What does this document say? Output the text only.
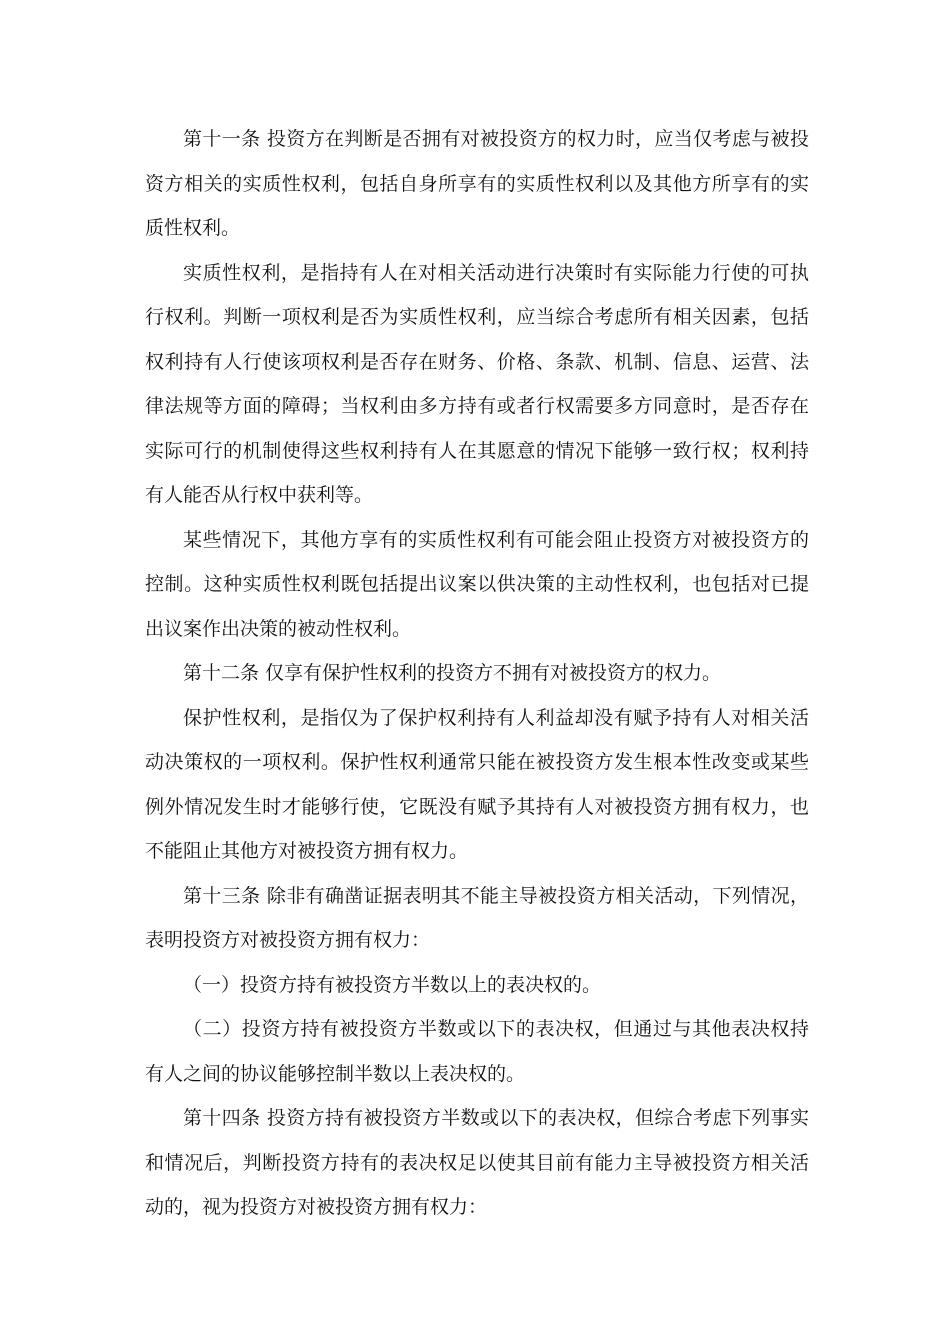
第十一条 投资方在判断是否拥有对被投资方的权力时，应当仅考虑与被投资方相关的实质性权利，包括自身所享有的实质性权利以及其他方所享有的实质性权利。

实质性权利，是指持有人在对相关活动进行决策时有实际能力行使的可执行权利。判断一项权利是否为实质性权利，应当综合考虑所有相关因素，包括权利持有人行使该项权利是否存在财务、价格、条款、机制、信息、运营、法律法规等方面的障碍；当权利由多方持有或者行权需要多方同意时，是否存在实际可行的机制使得这些权利持有人在其愿意的情况下能够一致行权；权利持有人能否从行权中获利等。

某些情况下，其他方享有的实质性权利有可能会阻止投资方对被投资方的控制。这种实质性权利既包括提出议案以供决策的主动性权利，也包括对已提出议案作出决策的被动性权利。

第十二条 仅享有保护性权利的投资方不拥有对被投资方的权力。

保护性权利，是指仅为了保护权利持有人利益却没有赋予持有人对相关活动决策权的一项权利。保护性权利通常只能在被投资方发生根本性改变或某些例外情况发生时才能够行使，它既没有赋予其持有人对被投资方拥有权力，也不能阻止其他方对被投资方拥有权力。

第十三条 除非有确凿证据表明其不能主导被投资方相关活动，下列情况，表明投资方对被投资方拥有权力：

（一）投资方持有被投资方半数以上的表决权的。

（二）投资方持有被投资方半数或以下的表决权，但通过与其他表决权持有人之间的协议能够控制半数以上表决权的。

第十四条 投资方持有被投资方半数或以下的表决权，但综合考虑下列事实和情况后，判断投资方持有的表决权足以使其目前有能力主导被投资方相关活动的，视为投资方对被投资方拥有权力：
